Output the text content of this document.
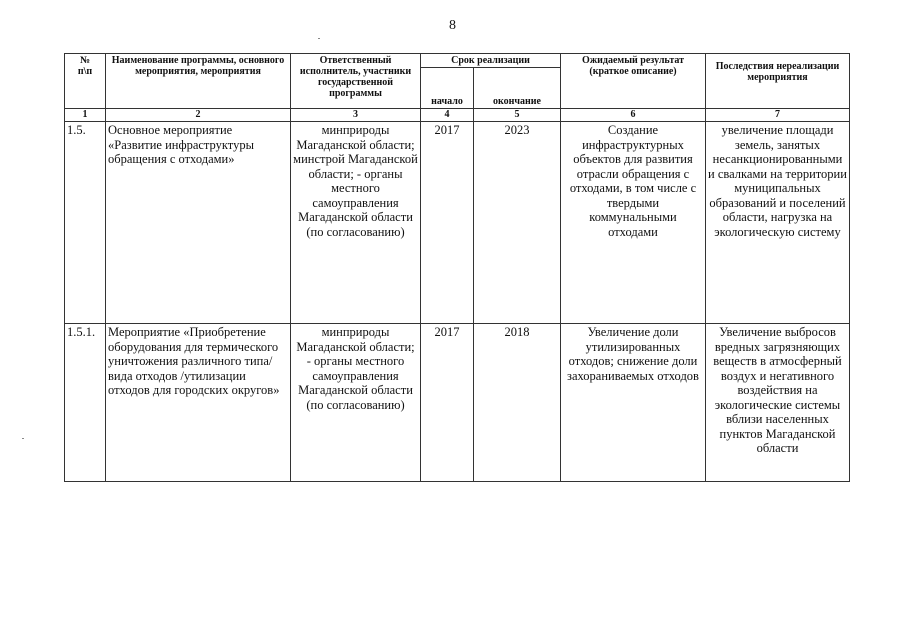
8
№
п\п	Наименование программы, основного мероприятия, мероприятия	Ответственный исполнитель, участники государственной программы	Срок реализации		Ожидаемый результат (краткое описание)	Последствия нереализации мероприятия
			начало	окончание		
1	2	3	4	5	6	7
1.5.	Основное мероприятие «Развитие инфраструктуры обращения с отходами»	минприроды Магаданской области; минстрой Магаданской области; - органы местного самоуправления Магаданской области (по согласованию)	2017	2023	Создание инфраструктурных объектов для развития отрасли обращения с отходами, в том числе с твердыми коммунальными отходами	увеличение площади земель, занятых несанкционированными и свалками на территории муниципальных образований и поселений области, нагрузка на экологическую систему
1.5.1.	Мероприятие «Приобретение оборудования для термического уничтожения различного типа/вида отходов /утилизации отходов для городских округов»	минприроды Магаданской области; - органы местного самоуправления Магаданской области (по согласованию)	2017	2018	Увеличение доли утилизированных отходов; снижение доли захораниваемых отходов	Увеличение выбросов вредных загрязняющих веществ в атмосферный воздух и негативного воздействия на экологические системы вблизи населенных пунктов Магаданской области
